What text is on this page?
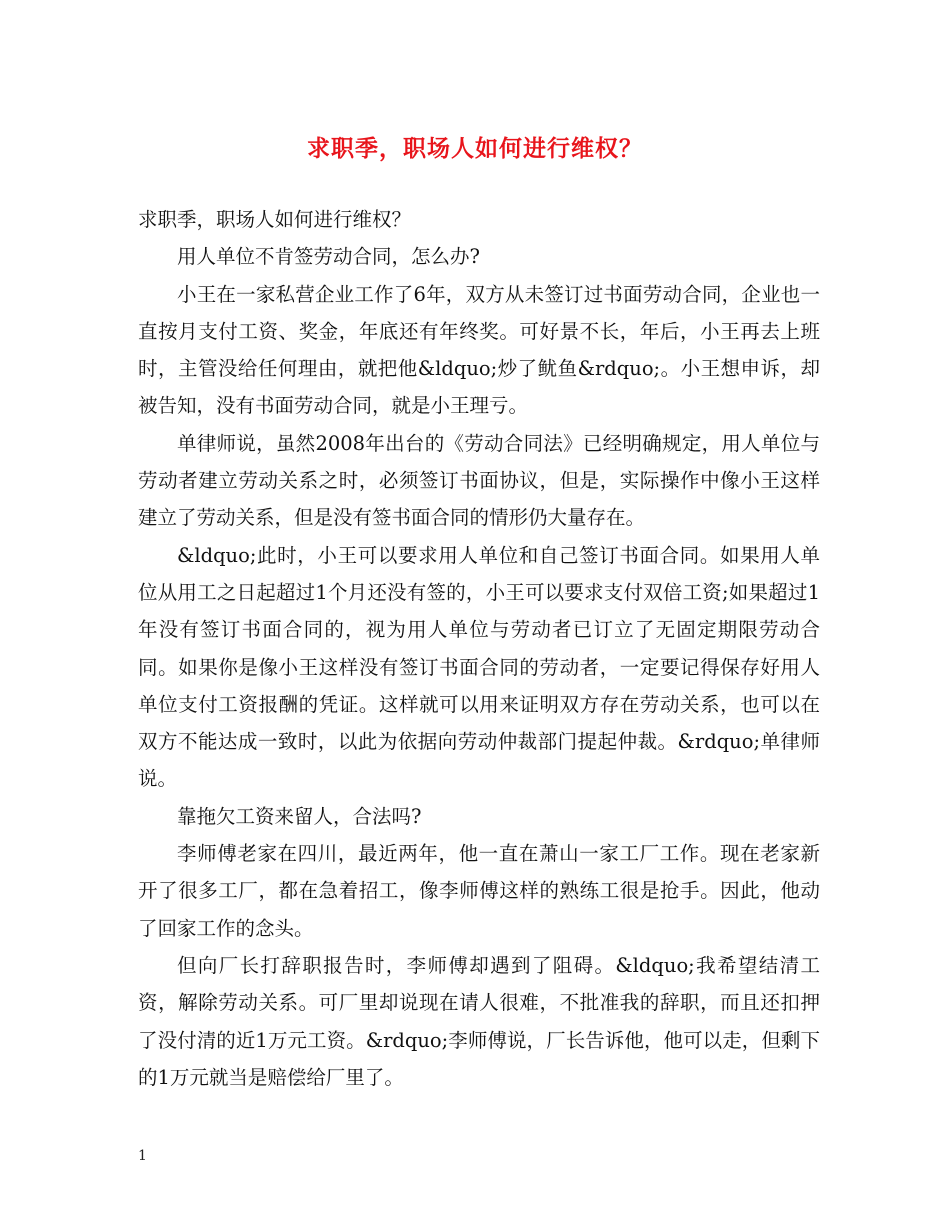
求职季，职场人如何进行维权？

求职季，职场人如何进行维权？

用人单位不肯签劳动合同，怎么办?

小王在一家私营企业工作了6年，双方从未签订过书面劳动合同，企业也一直按月支付工资、奖金，年底还有年终奖。可好景不长，年后，小王再去上班时，主管没给任何理由，就把他&ldquo;炒了鱿鱼&rdquo;。小王想申诉，却被告知，没有书面劳动合同，就是小王理亏。

单律师说，虽然2008年出台的《劳动合同法》已经明确规定，用人单位与劳动者建立劳动关系之时，必须签订书面协议，但是，实际操作中像小王这样建立了劳动关系，但是没有签书面合同的情形仍大量存在。

&ldquo;此时，小王可以要求用人单位和自己签订书面合同。如果用人单位从用工之日起超过1个月还没有签的，小王可以要求支付双倍工资;如果超过1年没有签订书面合同的，视为用人单位与劳动者已订立了无固定期限劳动合同。如果你是像小王这样没有签订书面合同的劳动者，一定要记得保存好用人单位支付工资报酬的凭证。这样就可以用来证明双方存在劳动关系，也可以在双方不能达成一致时，以此为依据向劳动仲裁部门提起仲裁。&rdquo;单律师说。

靠拖欠工资来留人，合法吗?

李师傅老家在四川，最近两年，他一直在萧山一家工厂工作。现在老家新开了很多工厂，都在急着招工，像李师傅这样的熟练工很是抢手。因此，他动了回家工作的念头。

但向厂长打辞职报告时，李师傅却遇到了阻碍。&ldquo;我希望结清工资，解除劳动关系。可厂里却说现在请人很难，不批准我的辞职，而且还扣押了没付清的近1万元工资。&rdquo;李师傅说，厂长告诉他，他可以走，但剩下的1万元就当是赔偿给厂里了。

1
